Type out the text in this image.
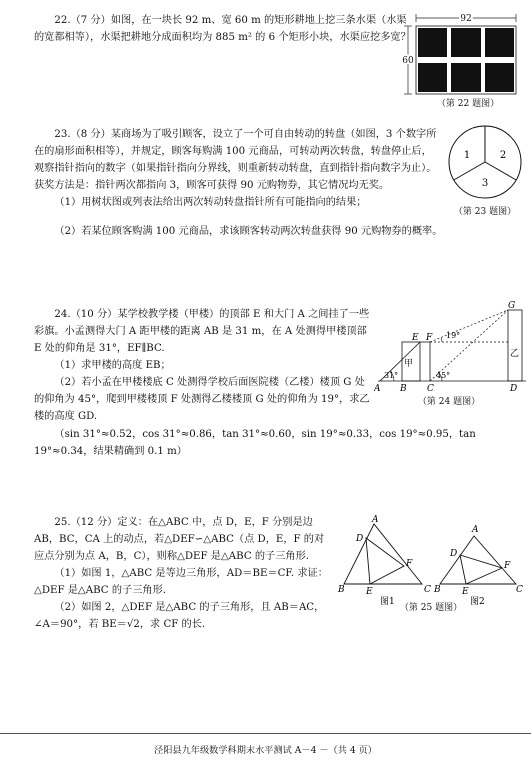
22.（7 分）如图，在一块长 92 m、宽 60 m 的矩形耕地上挖三条水渠（水渠的宽都相等），水渠把耕地分成面积均为 885 m² 的 6 个矩形小块，水渠应挖多宽？

92
60
（第 22 题图）

23.（8 分）某商场为了吸引顾客，设立了一个可自由转动的转盘（如图，3 个数字所在的扇形面积相等），并规定，顾客每购满 100 元商品，可转动两次转盘，转盘停止后，观察指针指向的数字（如果指针指向分界线，则重新转动转盘，直到指针指向数字为止）。获奖方法是：指针两次都指向 3，顾客可获得 90 元购物券，其它情况均无奖。

（1）用树状图或列表法给出两次转动转盘指针所有可能指向的结果；

（2）若某位顾客购满 100 元商品，求该顾客转动两次转盘获得 90 元购物券的概率。

1	2
3
（第 23 题图）

24.（10 分）某学校教学楼（甲楼）的顶部 E 和大门 A 之间挂了一些彩旗。小孟测得大门 A 距甲楼的距离 AB 是 31 m，在 A 处测得甲楼顶部 E 处的仰角是 31°，EF∥BC.

（1）求甲楼的高度 EB；

（2）若小孟在甲楼楼底 C 处测得学校后面医院楼（乙楼）楼顶 G 处的仰角为 45°，爬到甲楼楼顶 F 处测得乙楼楼顶 G 处的仰角为 19°，求乙楼的高度 GD.

（sin 31°≈0.52，cos 31°≈0.86，tan 31°≈0.60，sin 19°≈0.33，cos 19°≈0.95，tan 19°≈0.34，结果精确到 0.1 m）

G
E F
A B C	D
甲
乙
31°	45°
19°
（第 24 题图）

25.（12 分）定义：在△ABC 中，点 D，E，F 分别是边 AB，BC，CA 上的动点，若△DEF∽△ABC（点 D，E，F 的对应点分别为点 A，B，C），则称△DEF 是△ABC 的子三角形.

（1）如图 1，△ABC 是等边三角形，AD＝BE＝CF. 求证：△DEF 是△ABC 的子三角形.

（2）如图 2，△DEF 是△ABC 的子三角形，且 AB＝AC，∠A＝90°，若 BE＝√2，求 CF 的长.

A
B	C
D
E
F
图1
A
B	C
D
E
F
图2
（第 25 题图）
泾阳县九年级数学科期末水平测试 A－4 －（共 4 页）
